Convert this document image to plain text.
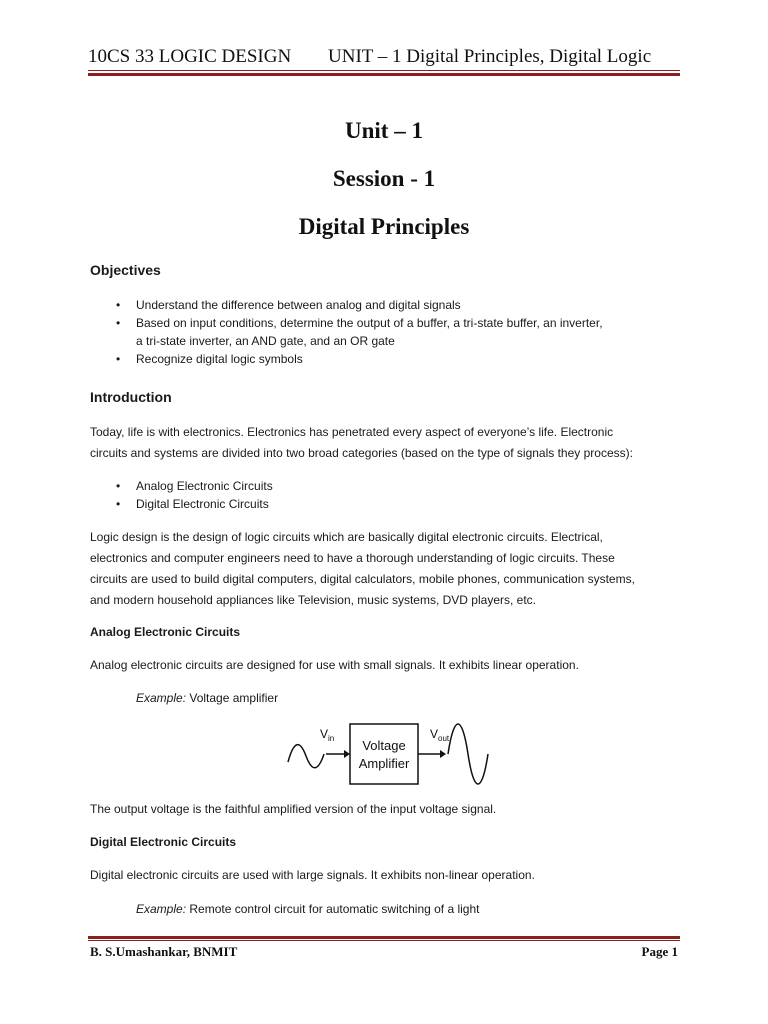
10CS 33 LOGIC DESIGN UNIT – 1 Digital Principles, Digital Logic
Unit – 1
Session - 1
Digital Principles
Objectives
• Understand the difference between analog and digital signals
• Based on input conditions, determine the output of a buffer, a tri-state buffer, an inverter,
a tri-state inverter, an AND gate, and an OR gate
• Recognize digital logic symbols
Introduction
Today, life is with electronics. Electronics has penetrated every aspect of everyone’s life. Electronic
circuits and systems are divided into two broad categories (based on the type of signals they process):
• Analog Electronic Circuits
• Digital Electronic Circuits
Logic design is the design of logic circuits which are basically digital electronic circuits. Electrical,
electronics and computer engineers need to have a thorough understanding of logic circuits. These
circuits are used to build digital computers, digital calculators, mobile phones, communication systems,
and modern household appliances like Television, music systems, DVD players, etc.
Analog Electronic Circuits
Analog electronic circuits are designed for use with small signals. It exhibits linear operation.
Example: Voltage amplifier
$V_{in}$ Voltage
Amplifier
$V_{out}$
The output voltage is the faithful amplified version of the input voltage signal.
Digital Electronic Circuits
Digital electronic circuits are used with large signals. It exhibits non-linear operation.
Example: Remote control circuit for automatic switching of a light
B. S.Umashankar, BNMIT	Page 1
